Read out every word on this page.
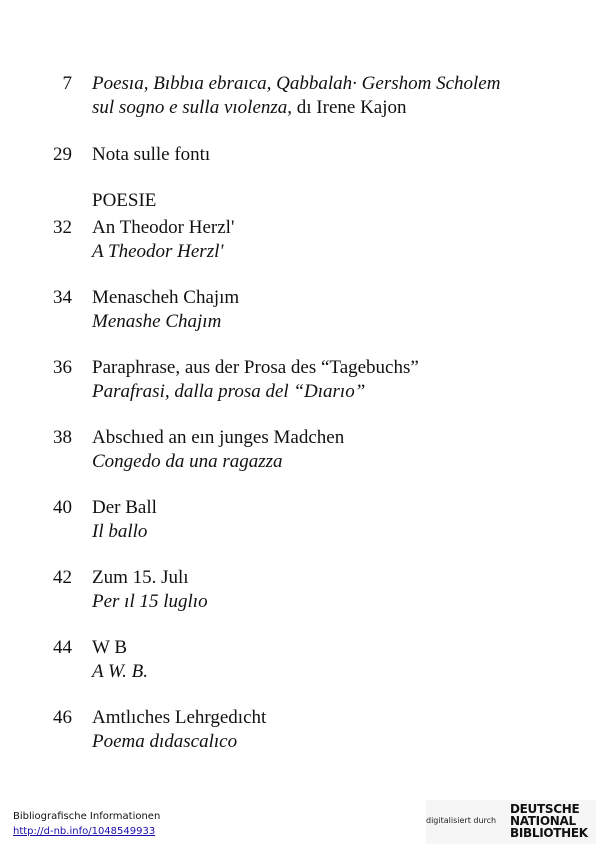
POESIE
7 Poesıa, Bıbbıa ebraıca, Qabbalah· Gershom Scholem
sul sogno e sulla vıolenza, dı Irene Kajon
29 Nota sulle fontı
32 An Theodor Herzl'
A Theodor Herzl'
34 Menascheh Chajım
Menashe Chajım
36 Paraphrase, aus der Prosa des “Tagebuchs”
Parafrasi, dalla prosa del “Dıarıo”
38 Abschıed an eın junges Madchen
Congedo da una ragazza
40 Der Ball
Il ballo
42 Zum 15. Julı
Per ıl 15 luglıo
44 W B
A W. B.
46 Amtlıches Lehrgedıcht
Poema dıdascalıco
Bibliografische Informationen
http://d-nb.info/1048549933
digitalisiert durch
DEUTSCHE
NATIONAL
BIBLIOTHEK
